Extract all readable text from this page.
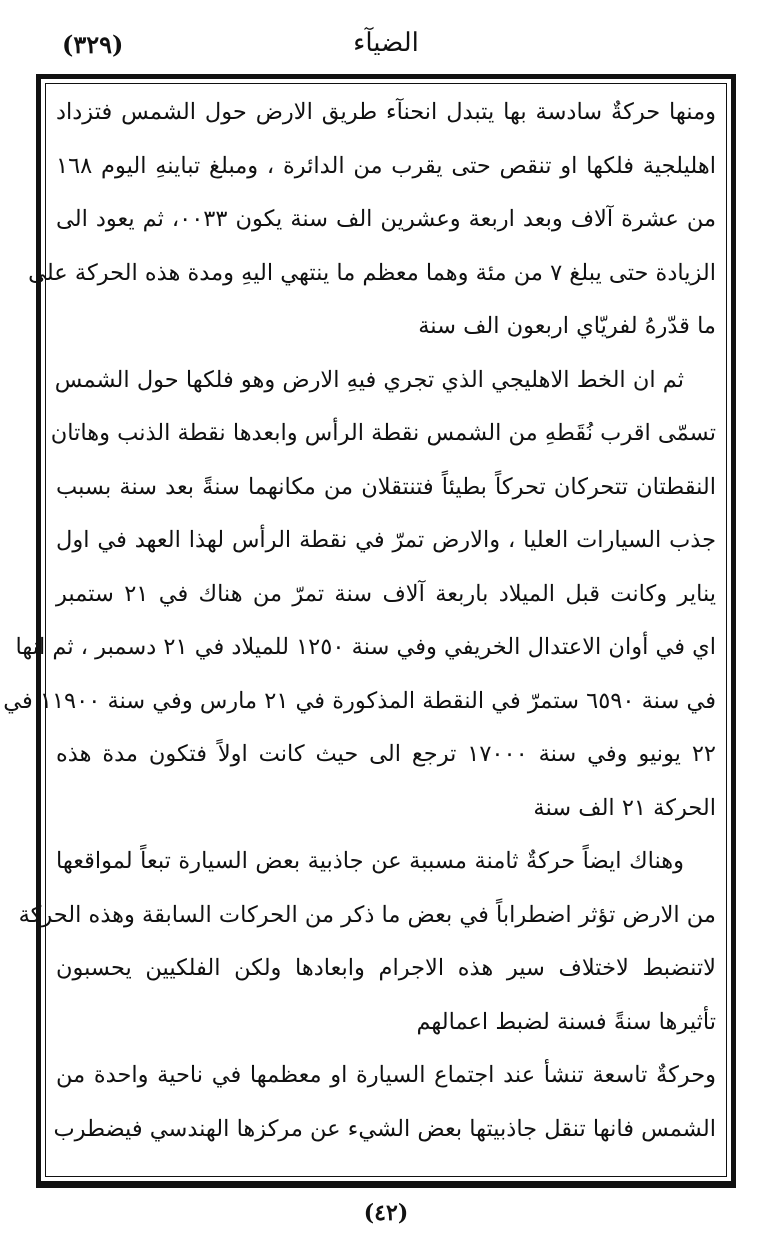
(٣٢٩)	الضيآء
ومنها حركةٌ سادسة بها يتبدل انحنآء طريق الارض حول الشمس فتزداد
اهليلجية فلكها او تنقص حتى يقرب من الدائرة ، ومبلغ تباينهِ اليوم ١٦٨
من عشرة آلاف وبعد اربعة وعشرين الف سنة يكون ٠٠٣٣، ثم يعود الى
الزيادة حتى يبلغ ٧ من مئة وهما معظم ما ينتهي اليهِ ومدة هذه الحركة على
ما قدّرهُ لفريّاي اربعون الف سنة
ثم ان الخط الاهليجي الذي تجري فيهِ الارض وهو فلكها حول الشمس
تسمّى اقرب نُقَطهِ من الشمس نقطة الرأس وابعدها نقطة الذنب وهاتان
النقطتان تتحركان تحركاً بطيئاً فتنتقلان من مكانهما سنةً بعد سنة بسبب
جذب السيارات العليا ، والارض تمرّ في نقطة الرأس لهذا العهد في اول
يناير وكانت قبل الميلاد باربعة آلاف سنة تمرّ من هناك في ٢١ ستمبر
اي في أوان الاعتدال الخريفي وفي سنة ١٢٥٠ للميلاد في ٢١ دسمبر ، ثم انها
في سنة ٦٥٩٠ ستمرّ في النقطة المذكورة في ٢١ مارس وفي سنة ١١٩٠٠ في
٢٢ يونيو وفي سنة ١٧٠٠٠ ترجع الى حيث كانت اولاً فتكون مدة هذه
الحركة ٢١ الف سنة
وهناك ايضاً حركةٌ ثامنة مسببة عن جاذبية بعض السيارة تبعاً لمواقعها
من الارض تؤثر اضطراباً في بعض ما ذكر من الحركات السابقة وهذه الحركة
لاتنضبط لاختلاف سير هذه الاجرام وابعادها ولكن الفلكيين يحسبون
تأثيرها سنةً فسنة لضبط اعمالهم
وحركةٌ تاسعة تنشأ عند اجتماع السيارة او معظمها في ناحية واحدة من
الشمس فانها تنقل جاذبيتها بعض الشيء عن مركزها الهندسي فيضطرب
(٤٢)
